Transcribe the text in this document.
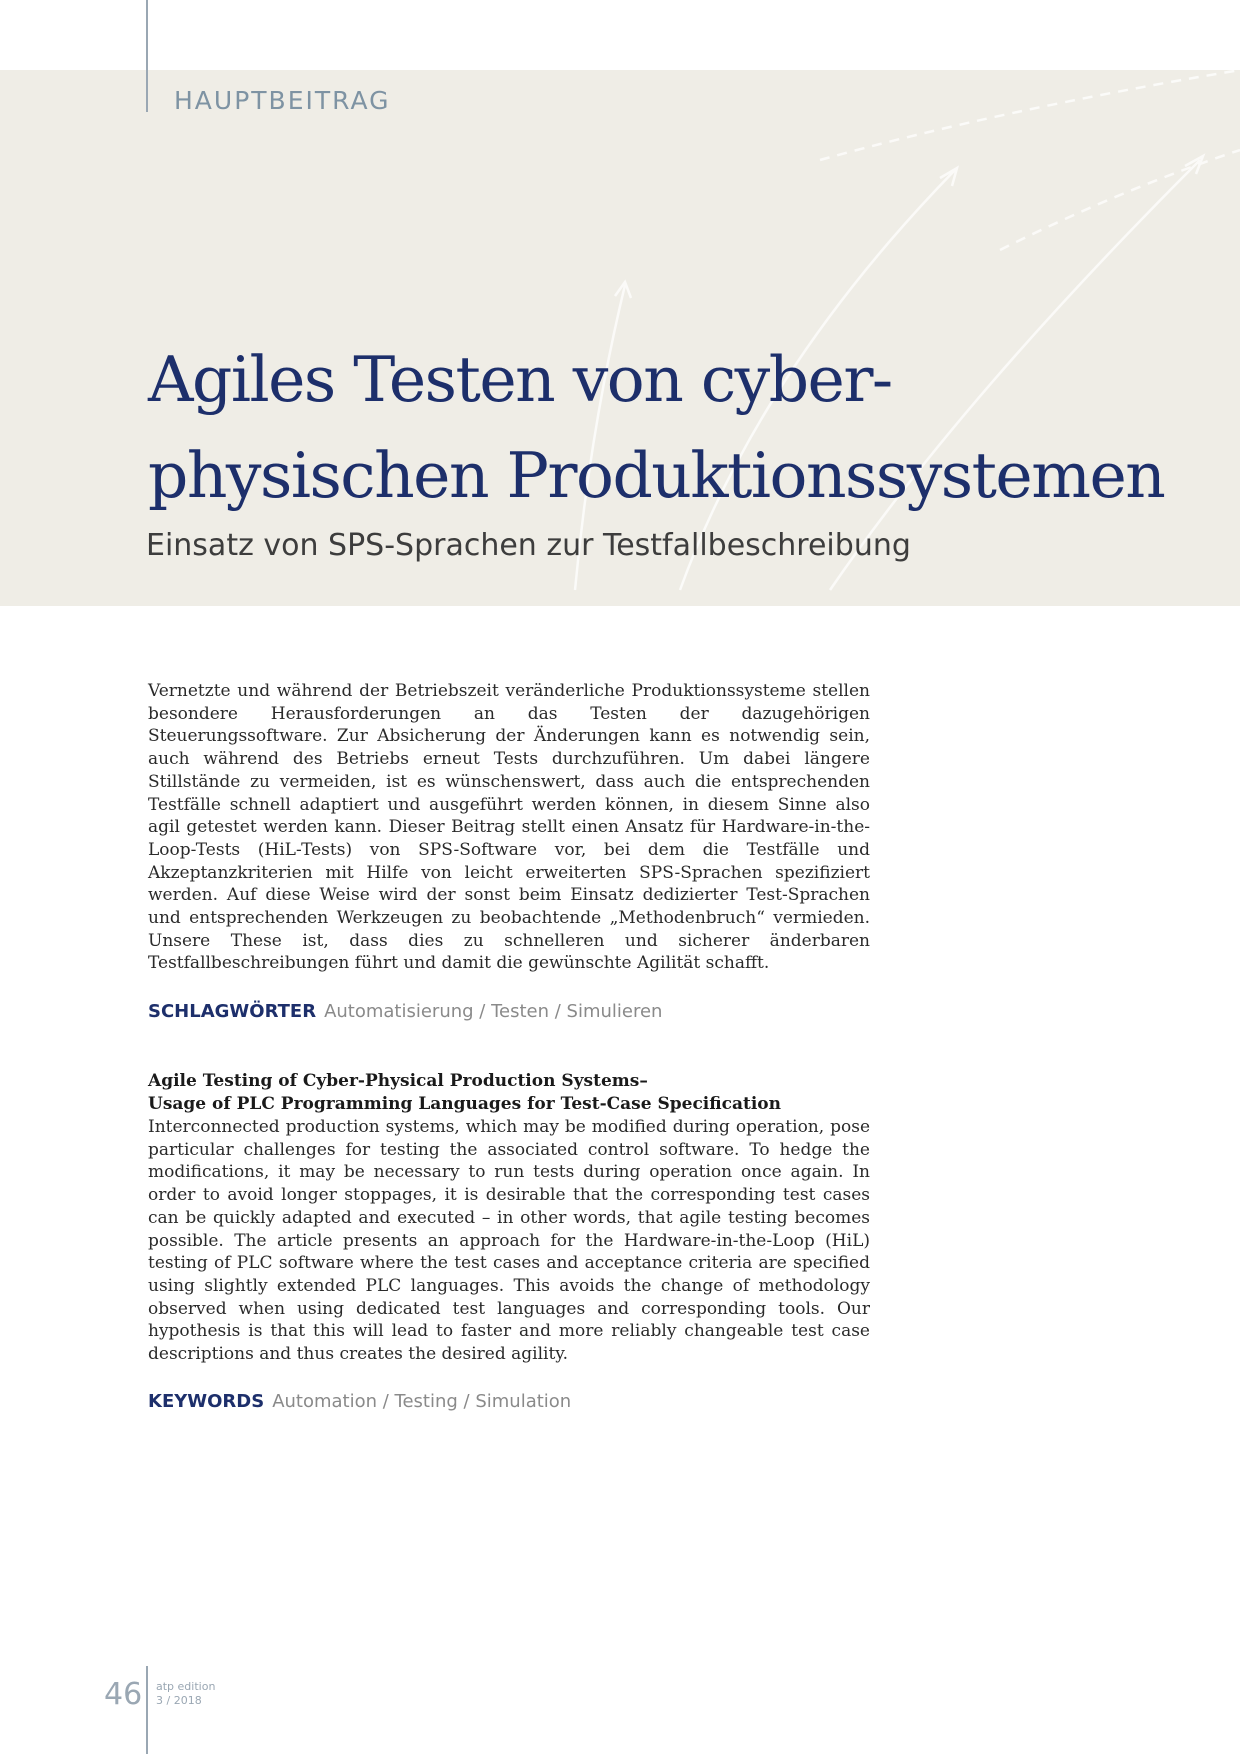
HAUPTBEITRAG
Agiles Testen von cyber-
physischen Produktionssystemen
Einsatz von SPS-Sprachen zur Testfallbeschreibung
Vernetzte und während der Betriebszeit veränderliche Produktionssysteme stellen besondere Herausforderungen an das Testen der dazugehörigen Steuerungssoftware. Zur Absicherung der Änderungen kann es notwendig sein, auch während des Betriebs erneut Tests durchzuführen. Um dabei längere Stillstände zu vermeiden, ist es wünschenswert, dass auch die entsprechenden Testfälle schnell adaptiert und ausgeführt werden können, in diesem Sinne also agil getestet werden kann. Dieser Beitrag stellt einen Ansatz für Hardware-in-the-Loop-Tests (HiL-Tests) von SPS-Software vor, bei dem die Testfälle und Akzeptanzkriterien mit Hilfe von leicht erweiterten SPS-Sprachen spezifiziert werden. Auf diese Weise wird der sonst beim Einsatz dedizierter Test-Sprachen und entsprechenden Werkzeugen zu beobachtende „Methodenbruch“ vermieden. Unsere These ist, dass dies zu schnelleren und sicherer änderbaren Testfallbeschreibungen führt und damit die gewünschte Agilität schafft.
SCHLAGWÖRTER Automatisierung / Testen / Simulieren
Agile Testing of Cyber-Physical Production Systems–
Usage of PLC Programming Languages for Test-Case Specification
Interconnected production systems, which may be modified during operation, pose particular challenges for testing the associated control software. To hedge the modifications, it may be necessary to run tests during operation once again. In order to avoid longer stoppages, it is desirable that the corresponding test cases can be quickly adapted and executed – in other words, that agile testing becomes possible. The article presents an approach for the Hardware-in-the-Loop (HiL) testing of PLC software where the test cases and acceptance criteria are specified using slightly extended PLC languages. This avoids the change of methodology observed when using dedicated test languages and corresponding tools. Our hypothesis is that this will lead to faster and more reliably changeable test case descriptions and thus creates the desired agility.
KEYWORDS Automation / Testing / Simulation
46 atp edition
3 / 2018
